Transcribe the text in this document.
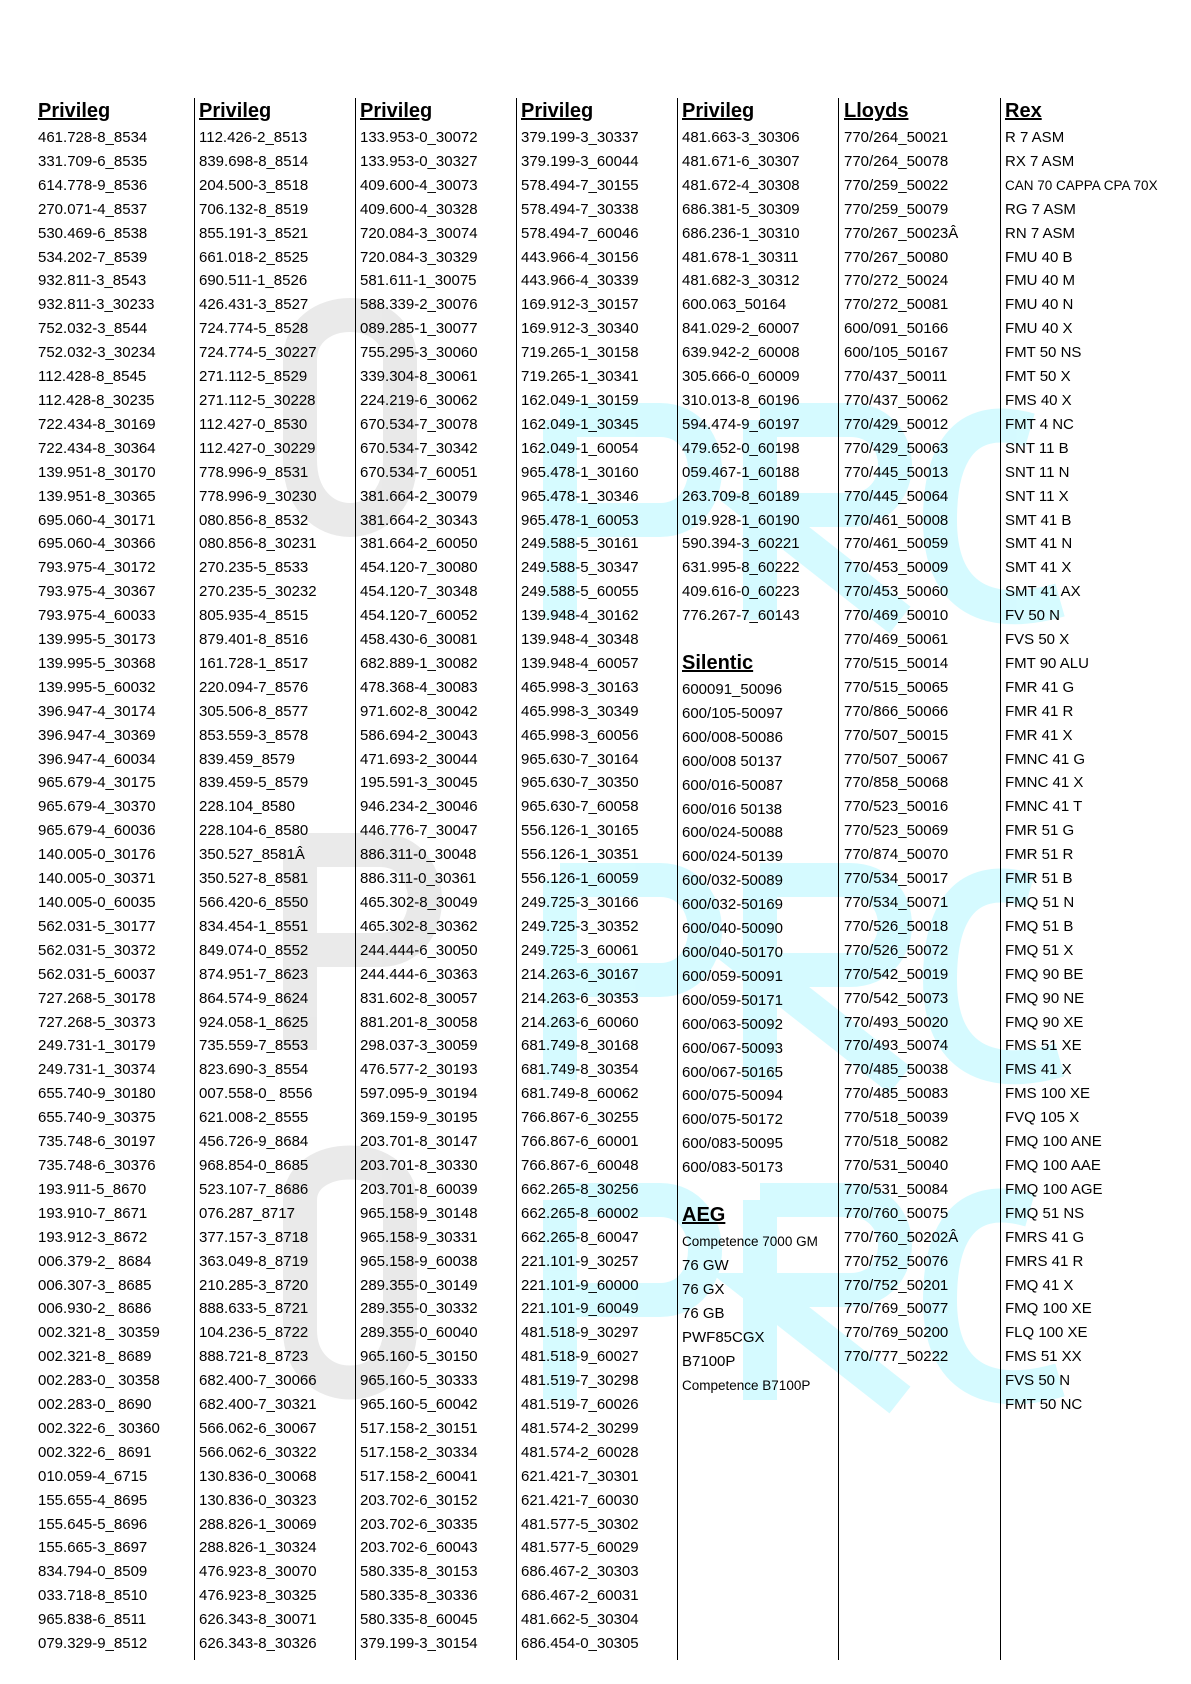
Privileg
461.728-8_8534
331.709-6_8535
614.778-9_8536
270.071-4_8537
530.469-6_8538
534.202-7_8539
932.811-3_8543
932.811-3_30233
752.032-3_8544
752.032-3_30234
112.428-8_8545
112.428-8_30235
722.434-8_30169
722.434-8_30364
139.951-8_30170
139.951-8_30365
695.060-4_30171
695.060-4_30366
793.975-4_30172
793.975-4_30367
793.975-4_60033
139.995-5_30173
139.995-5_30368
139.995-5_60032
396.947-4_30174
396.947-4_30369
396.947-4_60034
965.679-4_30175
965.679-4_30370
965.679-4_60036
140.005-0_30176
140.005-0_30371
140.005-0_60035
562.031-5_30177
562.031-5_30372
562.031-5_60037
727.268-5_30178
727.268-5_30373
249.731-1_30179
249.731-1_30374
655.740-9_30180
655.740-9_30375
735.748-6_30197
735.748-6_30376
193.911-5_8670
193.910-7_8671
193.912-3_8672
006.379-2_ 8684
006.307-3_ 8685
006.930-2_ 8686
002.321-8_ 30359
002.321-8_ 8689
002.283-0_ 30358
002.283-0_ 8690
002.322-6_ 30360
002.322-6_ 8691
010.059-4_6715
155.655-4_8695
155.645-5_8696
155.665-3_8697
834.794-0_8509
033.718-8_8510
965.838-6_8511
079.329-9_8512
Privileg
112.426-2_8513
839.698-8_8514
204.500-3_8518
706.132-8_8519
855.191-3_8521
661.018-2_8525
690.511-1_8526
426.431-3_8527
724.774-5_8528
724.774-5_30227
271.112-5_8529
271.112-5_30228
112.427-0_8530
112.427-0_30229
778.996-9_8531
778.996-9_30230
080.856-8_8532
080.856-8_30231
270.235-5_8533
270.235-5_30232
805.935-4_8515
879.401-8_8516
161.728-1_8517
220.094-7_8576
305.506-8_8577
853.559-3_8578
839.459_8579
839.459-5_8579
228.104_8580
228.104-6_8580
350.527_8581Â
350.527-8_8581
566.420-6_8550
834.454-1_8551
849.074-0_8552
874.951-7_8623
864.574-9_8624
924.058-1_8625
735.559-7_8553
823.690-3_8554
007.558-0_ 8556
621.008-2_8555
456.726-9_8684
968.854-0_8685
523.107-7_8686
076.287_8717
377.157-3_8718
363.049-8_8719
210.285-3_8720
888.633-5_8721
104.236-5_8722
888.721-8_8723
682.400-7_30066
682.400-7_30321
566.062-6_30067
566.062-6_30322
130.836-0_30068
130.836-0_30323
288.826-1_30069
288.826-1_30324
476.923-8_30070
476.923-8_30325
626.343-8_30071
626.343-8_30326
Privileg
133.953-0_30072
133.953-0_30327
409.600-4_30073
409.600-4_30328
720.084-3_30074
720.084-3_30329
581.611-1_30075
588.339-2_30076
089.285-1_30077
755.295-3_30060
339.304-8_30061
224.219-6_30062
670.534-7_30078
670.534-7_30342
670.534-7_60051
381.664-2_30079
381.664-2_30343
381.664-2_60050
454.120-7_30080
454.120-7_30348
454.120-7_60052
458.430-6_30081
682.889-1_30082
478.368-4_30083
971.602-8_30042
586.694-2_30043
471.693-2_30044
195.591-3_30045
946.234-2_30046
446.776-7_30047
886.311-0_30048
886.311-0_30361
465.302-8_30049
465.302-8_30362
244.444-6_30050
244.444-6_30363
831.602-8_30057
881.201-8_30058
298.037-3_30059
476.577-2_30193
597.095-9_30194
369.159-9_30195
203.701-8_30147
203.701-8_30330
203.701-8_60039
965.158-9_30148
965.158-9_30331
965.158-9_60038
289.355-0_30149
289.355-0_30332
289.355-0_60040
965.160-5_30150
965.160-5_30333
965.160-5_60042
517.158-2_30151
517.158-2_30334
517.158-2_60041
203.702-6_30152
203.702-6_30335
203.702-6_60043
580.335-8_30153
580.335-8_30336
580.335-8_60045
379.199-3_30154
Privileg
379.199-3_30337
379.199-3_60044
578.494-7_30155
578.494-7_30338
578.494-7_60046
443.966-4_30156
443.966-4_30339
169.912-3_30157
169.912-3_30340
719.265-1_30158
719.265-1_30341
162.049-1_30159
162.049-1_30345
162.049-1_60054
965.478-1_30160
965.478-1_30346
965.478-1_60053
249.588-5_30161
249.588-5_30347
249.588-5_60055
139.948-4_30162
139.948-4_30348
139.948-4_60057
465.998-3_30163
465.998-3_30349
465.998-3_60056
965.630-7_30164
965.630-7_30350
965.630-7_60058
556.126-1_30165
556.126-1_30351
556.126-1_60059
249.725-3_30166
249.725-3_30352
249.725-3_60061
214.263-6_30167
214.263-6_30353
214.263-6_60060
681.749-8_30168
681.749-8_30354
681.749-8_60062
766.867-6_30255
766.867-6_60001
766.867-6_60048
662.265-8_30256
662.265-8_60002
662.265-8_60047
221.101-9_30257
221.101-9_60000
221.101-9_60049
481.518-9_30297
481.518-9_60027
481.519-7_30298
481.519-7_60026
481.574-2_30299
481.574-2_60028
621.421-7_30301
621.421-7_60030
481.577-5_30302
481.577-5_60029
686.467-2_30303
686.467-2_60031
481.662-5_30304
686.454-0_30305
Privileg
481.663-3_30306
481.671-6_30307
481.672-4_30308
686.381-5_30309
686.236-1_30310
481.678-1_30311
481.682-3_30312
600.063_50164
841.029-2_60007
639.942-2_60008
305.666-0_60009
310.013-8_60196
594.474-9_60197
479.652-0_60198
059.467-1_60188
263.709-8_60189
019.928-1_60190
590.394-3_60221
631.995-8_60222
409.616-0_60223
776.267-7_60143
Silentic
600091_50096
600/105-50097
600/008-50086
600/008 50137
600/016-50087
600/016 50138
600/024-50088
600/024-50139
600/032-50089
600/032-50169
600/040-50090
600/040-50170
600/059-50091
600/059-50171
600/063-50092
600/067-50093
600/067-50165
600/075-50094
600/075-50172
600/083-50095
600/083-50173
AEG
Competence 7000 GM
76 GW
76 GX
76 GB
PWF85CGX
B7100P
Competence B7100P
Lloyds
770/264_50021
770/264_50078
770/259_50022
770/259_50079
770/267_50023Â
770/267_50080
770/272_50024
770/272_50081
600/091_50166
600/105_50167
770/437_50011
770/437_50062
770/429_50012
770/429_50063
770/445_50013
770/445_50064
770/461_50008
770/461_50059
770/453_50009
770/453_50060
770/469_50010
770/469_50061
770/515_50014
770/515_50065
770/866_50066
770/507_50015
770/507_50067
770/858_50068
770/523_50016
770/523_50069
770/874_50070
770/534_50017
770/534_50071
770/526_50018
770/526_50072
770/542_50019
770/542_50073
770/493_50020
770/493_50074
770/485_50038
770/485_50083
770/518_50039
770/518_50082
770/531_50040
770/531_50084
770/760_50075
770/760_50202Â
770/752_50076
770/752_50201
770/769_50077
770/769_50200
770/777_50222
Rex
R 7 ASM
RX 7 ASM
CAN 70 CAPPA CPA 70X
RG 7 ASM
RN 7 ASM
FMU 40 B
FMU 40 M
FMU 40 N
FMU 40 X
FMT 50 NS
FMT 50 X
FMS 40 X
FMT 4 NC
SNT 11 B
SNT 11 N
SNT 11 X
SMT 41 B
SMT 41 N
SMT 41 X
SMT 41 AX
FV 50 N
FVS 50 X
FMT 90 ALU
FMR 41 G
FMR 41 R
FMR 41 X
FMNC 41 G
FMNC 41 X
FMNC 41 T
FMR 51 G
FMR 51 R
FMR 51 B
FMQ 51 N
FMQ 51 B
FMQ 51 X
FMQ 90 BE
FMQ 90 NE
FMQ 90 XE
FMS 51 XE
FMS 41 X
FMS 100 XE
FVQ 105 X
FMQ 100 ANE
FMQ 100 AAE
FMQ 100 AGE
FMQ 51 NS
FMRS 41 G
FMRS 41 R
FMQ 41 X
FMQ 100 XE
FLQ 100 XE
FMS 51 XX
FVS 50 N
FMT 50 NC
